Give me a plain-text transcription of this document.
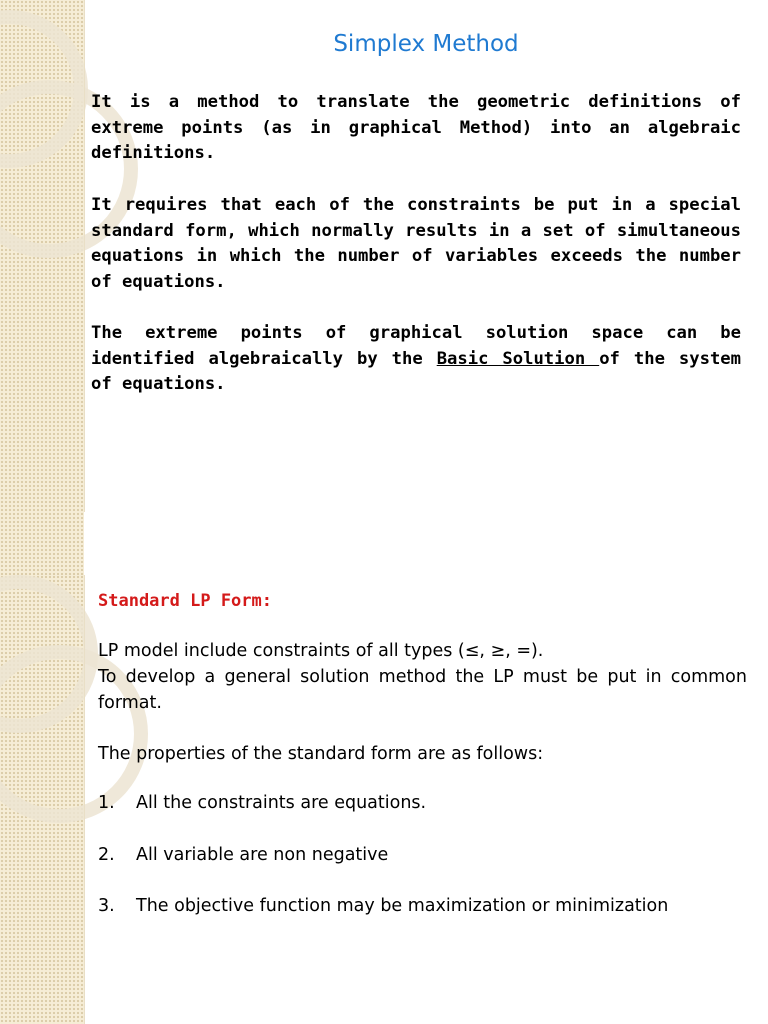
Simplex Method

It is a method to translate the geometric definitions of extreme points (as in graphical Method) into an algebraic definitions.

It requires that each of the constraints be put in a special standard form, which normally results in a set of simultaneous equations in which the number of variables exceeds the number of equations.

The extreme points of graphical solution space can be identified algebraically by the Basic Solution of the system of equations.

Standard LP Form:

LP model include constraints of all types (≤, ≥, =).

To develop a general solution method the LP must be put in common format.

The properties of the standard form are as follows:

1. All the constraints are equations.
2. All variable are non negative
3. The objective function may be maximization or minimization
